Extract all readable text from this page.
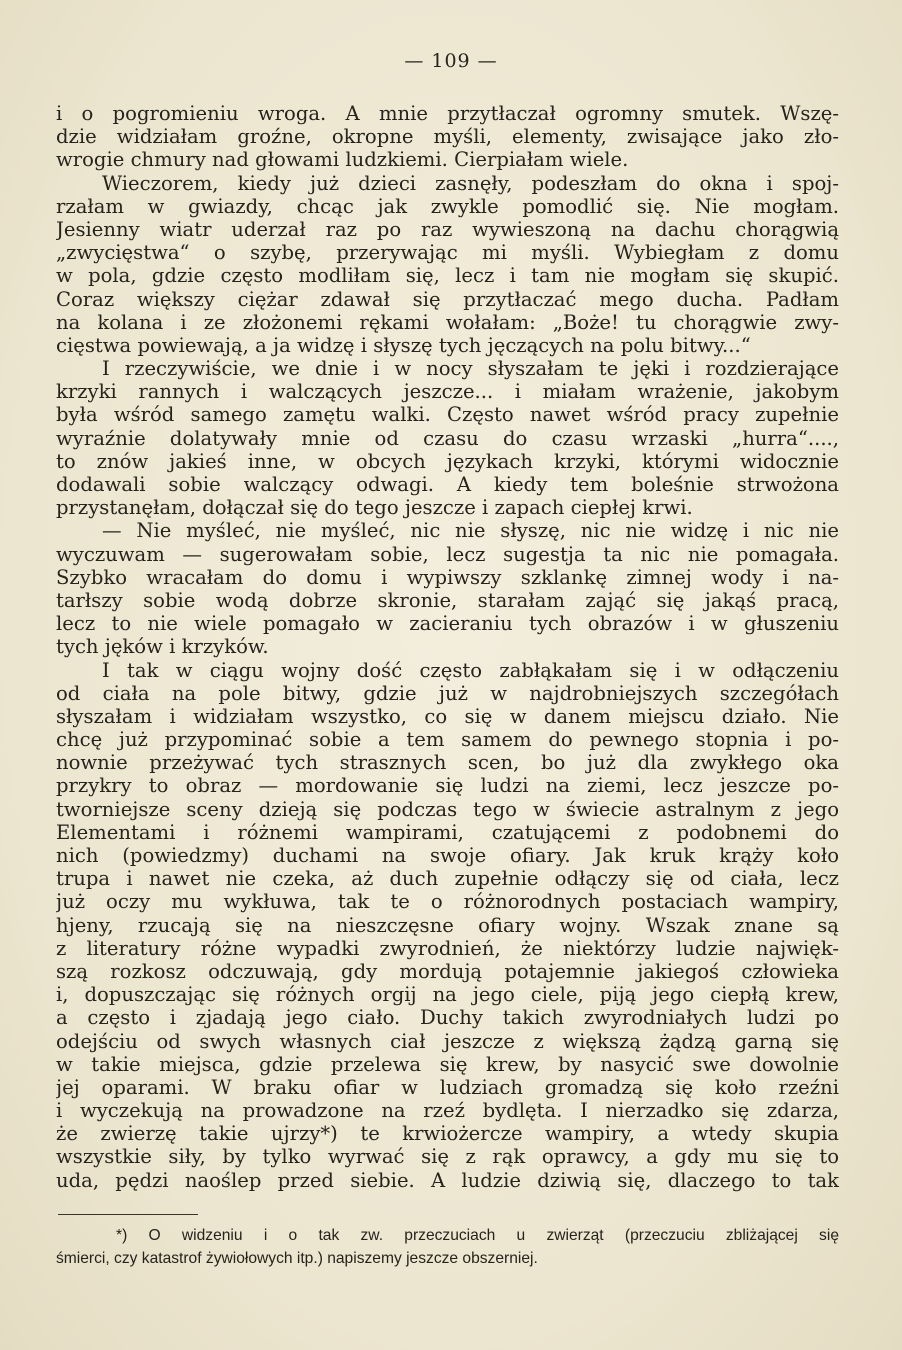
— 109 —
i o pogromieniu wroga. A mnie przytłaczał ogromny smutek. Wszę-
dzie widziałam groźne, okropne myśli, elementy, zwisające jako zło-
wrogie chmury nad głowami ludzkiemi. Cierpiałam wiele.
Wieczorem, kiedy już dzieci zasnęły, podeszłam do okna i spoj-
rzałam w gwiazdy, chcąc jak zwykle pomodlić się. Nie mogłam.
Jesienny wiatr uderzał raz po raz wywieszoną na dachu chorągwią
„zwycięstwa“ o szybę, przerywając mi myśli. Wybiegłam z domu
w pola, gdzie często modliłam się, lecz i tam nie mogłam się skupić.
Coraz większy ciężar zdawał się przytłaczać mego ducha. Padłam
na kolana i ze złożonemi rękami wołałam: „Boże! tu chorągwie zwy-
cięstwa powiewają, a ja widzę i słyszę tych jęczących na polu bitwy...“
I rzeczywiście, we dnie i w nocy słyszałam te jęki i rozdzierające
krzyki rannych i walczących jeszcze... i miałam wrażenie, jakobym
była wśród samego zamętu walki. Często nawet wśród pracy zupełnie
wyraźnie dolatywały mnie od czasu do czasu wrzaski „hurra“....,
to znów jakieś inne, w obcych językach krzyki, którymi widocznie
dodawali sobie walczący odwagi. A kiedy tem boleśnie strwożona
przystanęłam, dołączał się do tego jeszcze i zapach ciepłej krwi.
— Nie myśleć, nie myśleć, nic nie słyszę, nic nie widzę i nic nie
wyczuwam — sugerowałam sobie, lecz sugestja ta nic nie pomagała.
Szybko wracałam do domu i wypiwszy szklankę zimnej wody i na-
tarłszy sobie wodą dobrze skronie, starałam zająć się jakąś pracą,
lecz to nie wiele pomagało w zacieraniu tych obrazów i w głuszeniu
tych jęków i krzyków.
I tak w ciągu wojny dość często zabłąkałam się i w odłączeniu
od ciała na pole bitwy, gdzie już w najdrobniejszych szczegółach
słyszałam i widziałam wszystko, co się w danem miejscu działo. Nie
chcę już przypominać sobie a tem samem do pewnego stopnia i po-
nownie przeżywać tych strasznych scen, bo już dla zwykłego oka
przykry to obraz — mordowanie się ludzi na ziemi, lecz jeszcze po-
tworniejsze sceny dzieją się podczas tego w świecie astralnym z jego
Elementami i różnemi wampirami, czatującemi z podobnemi do
nich (powiedzmy) duchami na swoje ofiary. Jak kruk krąży koło
trupa i nawet nie czeka, aż duch zupełnie odłączy się od ciała, lecz
już oczy mu wykłuwa, tak te o różnorodnych postaciach wampiry,
hjeny, rzucają się na nieszczęsne ofiary wojny. Wszak znane są
z literatury różne wypadki zwyrodnień, że niektórzy ludzie najwięk-
szą rozkosz odczuwają, gdy mordują potajemnie jakiegoś człowieka
i, dopuszczając się różnych orgij na jego ciele, piją jego ciepłą krew,
a często i zjadają jego ciało. Duchy takich zwyrodniałych ludzi po
odejściu od swych własnych ciał jeszcze z większą żądzą garną się
w takie miejsca, gdzie przelewa się krew, by nasycić swe dowolnie
jej oparami. W braku ofiar w ludziach gromadzą się koło rzeźni
i wyczekują na prowadzone na rzeź bydlęta. I nierzadko się zdarza,
że zwierzę takie ujrzy*) te krwiożercze wampiry, a wtedy skupia
wszystkie siły, by tylko wyrwać się z rąk oprawcy, a gdy mu się to
uda, pędzi naoślep przed siebie. A ludzie dziwią się, dlaczego to tak
*) O widzeniu i o tak zw. przeczuciach u zwierząt (przeczuciu zbliżającej się
śmierci, czy katastrof żywiołowych itp.) napiszemy jeszcze obszerniej.
